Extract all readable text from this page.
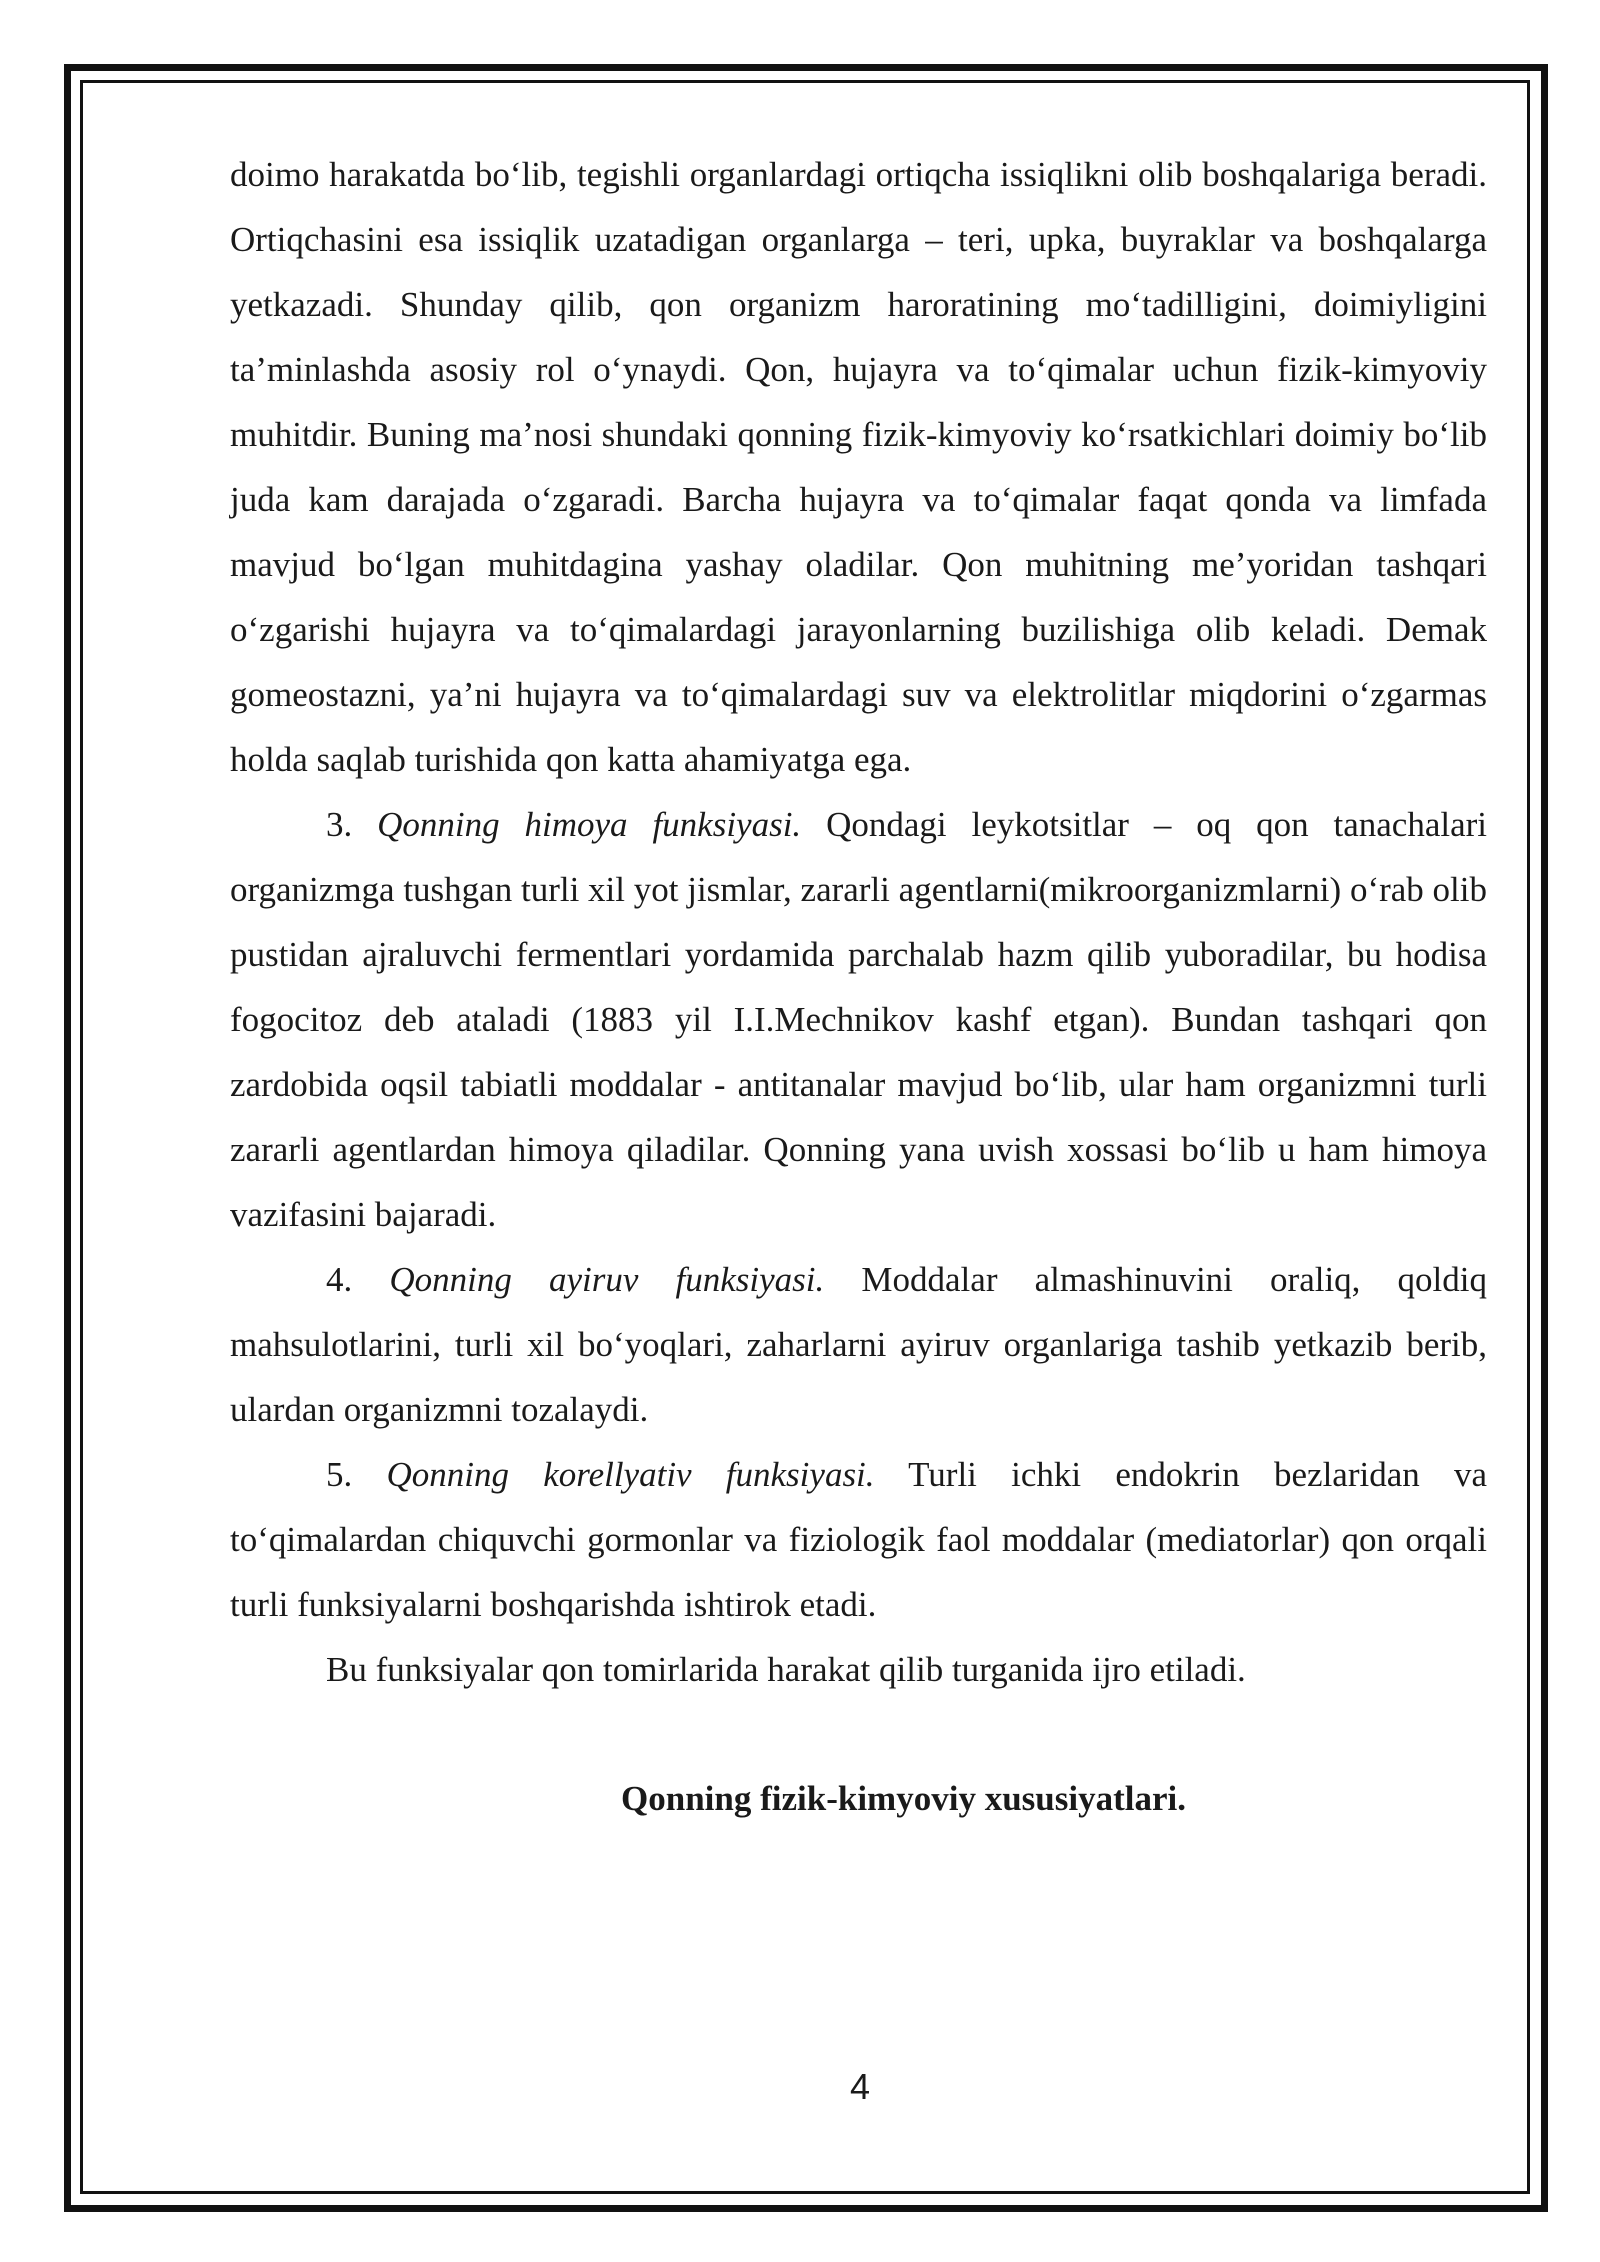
doimo harakatda bo‘lib, tegishli organlardagi ortiqcha issiqlikni olib boshqalariga beradi. Ortiqchasini esa issiqlik uzatadigan organlarga – teri, upka, buyraklar va boshqalarga yetkazadi. Shunday qilib, qon organizm haroratining mo‘tadilligini, doimiyligini ta’minlashda asosiy rol o‘ynaydi. Qon, hujayra va to‘qimalar uchun fizik-kimyoviy muhitdir. Buning ma’nosi shundaki qonning fizik-kimyoviy ko‘rsatkichlari doimiy bo‘lib juda kam darajada o‘zgaradi. Barcha hujayra va to‘qimalar faqat qonda va limfada mavjud bo‘lgan muhitdagina yashay oladilar. Qon muhitning me’yoridan tashqari o‘zgarishi hujayra va to‘qimalardagi jarayonlarning buzilishiga olib keladi. Demak gomeostazni, ya’ni hujayra va to‘qimalardagi suv va elektrolitlar miqdorini o‘zgarmas holda saqlab turishida qon katta ahamiyatga ega.

3. Qonning himoya funksiyasi. Qondagi leykotsitlar – oq qon tanachalari organizmga tushgan turli xil yot jismlar, zararli agentlarni(mikroorganizmlarni) o‘rab olib pustidan ajraluvchi fermentlari yordamida parchalab hazm qilib yuboradilar, bu hodisa fogocitoz deb ataladi (1883 yil I.I.Mechnikov kashf etgan). Bundan tashqari qon zardobida oqsil tabiatli moddalar - antitanalar mavjud bo‘lib, ular ham organizmni turli zararli agentlardan himoya qiladilar. Qonning yana uvish xossasi bo‘lib u ham himoya vazifasini bajaradi.

4. Qonning ayiruv funksiyasi. Moddalar almashinuvini oraliq, qoldiq mahsulotlarini, turli xil bo‘yoqlari, zaharlarni ayiruv organlariga tashib yetkazib berib, ulardan organizmni tozalaydi.

5. Qonning korellyativ funksiyasi. Turli ichki endokrin bezlaridan va to‘qimalardan chiquvchi gormonlar va fiziologik faol moddalar (mediatorlar) qon orqali turli funksiyalarni boshqarishda ishtirok etadi.

Bu funksiyalar qon tomirlarida harakat qilib turganida ijro etiladi.

Qonning fizik-kimyoviy xususiyatlari.

4
